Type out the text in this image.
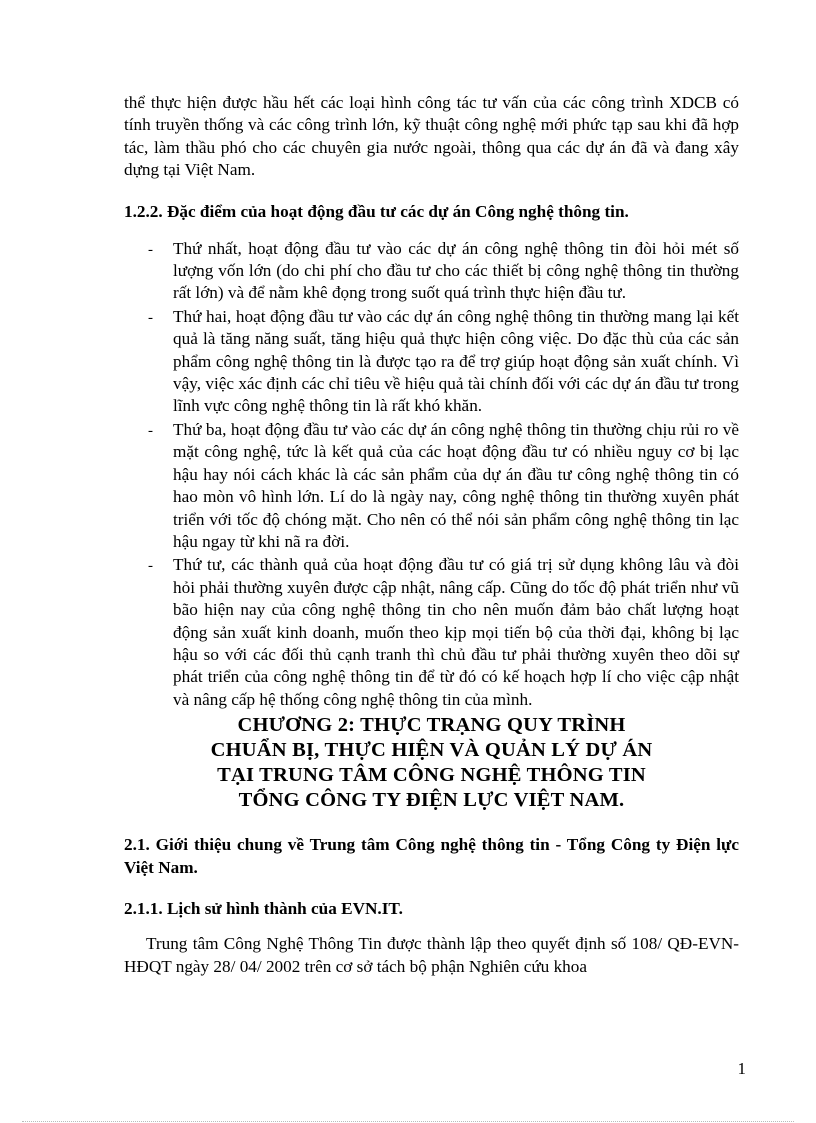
thể thực hiện được hầu hết các loại hình công tác tư vấn của các công trình XDCB có tính truyền thống và các công trình lớn, kỹ thuật công nghệ mới phức tạp sau khi đã hợp tác, làm thầu phó cho các chuyên gia nước ngoài, thông qua các dự án đã và đang xây dựng tại Việt Nam.

1.2.2. Đặc điểm của hoạt động đầu tư các dự án Công nghệ thông tin.

- Thứ nhất, hoạt động đầu tư vào các dự án công nghệ thông tin đòi hỏi mét số lượng vốn lớn (do chi phí cho đầu tư cho các thiết bị công nghệ thông tin thường rất lớn) và để nằm khê đọng trong suốt quá trình thực hiện đầu tư.
- Thứ hai, hoạt động đầu tư vào các dự án công nghệ thông tin thường mang lại kết quả là tăng năng suất, tăng hiệu quả thực hiện công việc. Do đặc thù của các sản phẩm công nghệ thông tin là được tạo ra để trợ giúp hoạt động sản xuất chính. Vì vậy, việc xác định các chỉ tiêu về hiệu quả tài chính đối với các dự án đầu tư trong lĩnh vực công nghệ thông tin là rất khó khăn.
- Thứ ba, hoạt động đầu tư vào các dự án công nghệ thông tin thường chịu rủi ro về mặt công nghệ, tức là kết quả của các hoạt động đầu tư có nhiều nguy cơ bị lạc hậu hay nói cách khác là các sản phẩm của dự án đầu tư công nghệ thông tin có hao mòn vô hình lớn. Lí do là ngày nay, công nghệ thông tin thường xuyên phát triển với tốc độ chóng mặt. Cho nên có thể nói sản phẩm công nghệ thông tin lạc hậu ngay từ khi nã ra đời.
- Thứ tư, các thành quả của hoạt động đầu tư có giá trị sử dụng không lâu và đòi hỏi phải thường xuyên được cập nhật, nâng cấp. Cũng do tốc độ phát triển như vũ bão hiện nay của công nghệ thông tin cho nên muốn đảm bảo chất lượng hoạt động sản xuất kinh doanh, muốn theo kịp mọi tiến bộ của thời đại, không bị lạc hậu so với các đối thủ cạnh tranh thì chủ đầu tư phải thường xuyên theo dõi sự phát triển của công nghệ thông tin để từ đó có kế hoạch hợp lí cho việc cập nhật và nâng cấp hệ thống công nghệ thông tin của mình.
CHƯƠNG 2: THỰC TRẠNG QUY TRÌNH
CHUẨN BỊ, THỰC HIỆN VÀ QUẢN LÝ DỰ ÁN
TẠI TRUNG TÂM CÔNG NGHỆ THÔNG TIN
TỔNG CÔNG TY ĐIỆN LỰC VIỆT NAM.

2.1. Giới thiệu chung về Trung tâm Công nghệ thông tin - Tổng Công ty Điện lực Việt Nam.

2.1.1. Lịch sử hình thành của EVN.IT.

Trung tâm Công Nghệ Thông Tin được thành lập theo quyết định số 108/ QĐ-EVN-HĐQT ngày 28/ 04/ 2002 trên cơ sở tách bộ phận Nghiên cứu khoa

1
